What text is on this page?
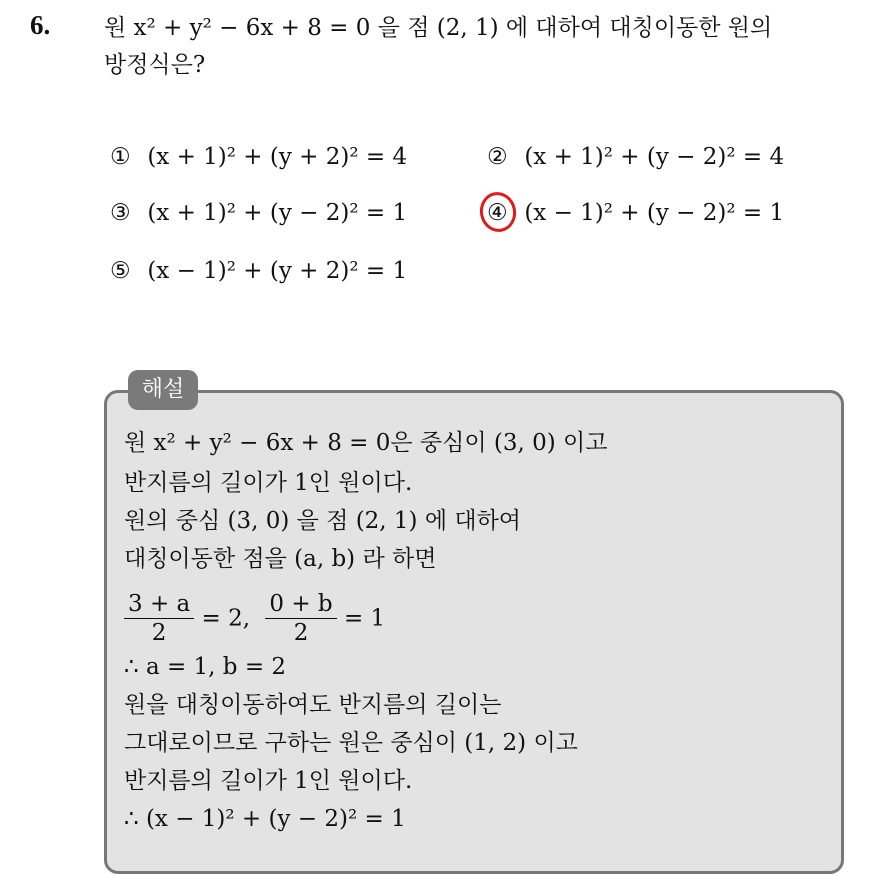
6. 원 x² + y² − 6x + 8 = 0 을 점 (2, 1) 에 대하여 대칭이동한 원의 방정식은?
① (x + 1)² + (y + 2)² = 4	② (x + 1)² + (y − 2)² = 4
③ (x + 1)² + (y − 2)² = 1	④ (x − 1)² + (y − 2)² = 1
⑤ (x − 1)² + (y + 2)² = 1
해설
원 x² + y² − 6x + 8 = 0은 중심이 (3, 0) 이고
반지름의 길이가 1인 원이다.
원의 중심 (3, 0) 을 점 (2, 1) 에 대하여
대칭이동한 점을 (a, b) 라 하면
$\frac{3 + a}{2} = 2$, $\frac{0 + b}{2} = 1$
∴ a = 1, b = 2
원을 대칭이동하여도 반지름의 길이는
그대로이므로 구하는 원은 중심이 (1, 2) 이고
반지름의 길이가 1인 원이다.
∴ (x − 1)² + (y − 2)² = 1
